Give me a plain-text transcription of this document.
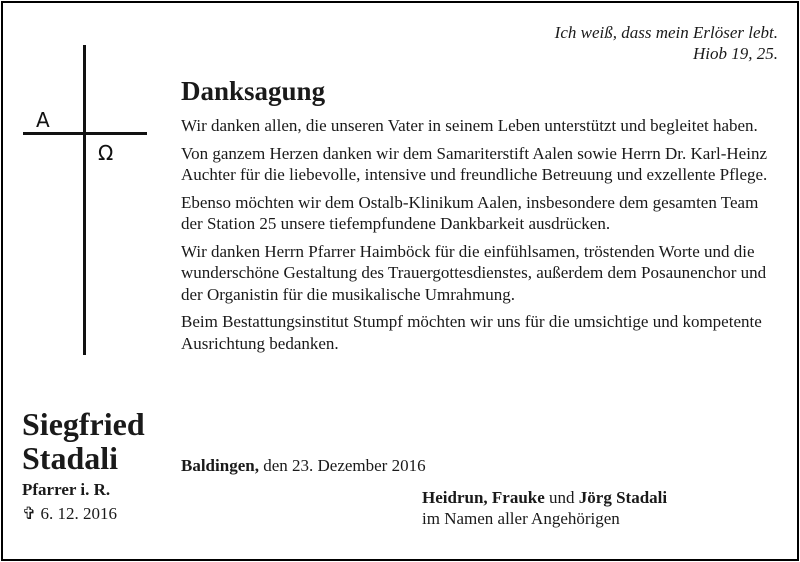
A
Ω
Ich weiß, dass mein Erlöser lebt.
Hiob 19, 25.
Danksagung

Wir danken allen, die unseren Vater in seinem Leben unterstützt und begleitet haben.

Von ganzem Herzen danken wir dem Samariterstift Aalen sowie Herrn Dr. Karl-Heinz Auchter für die liebevolle, intensive und freundliche Betreuung und exzellente Pflege.

Ebenso möchten wir dem Ostalb-Klinikum Aalen, insbesondere dem gesamten Team der Station 25 unsere tiefempfundene Dankbarkeit ausdrücken.

Wir danken Herrn Pfarrer Haimböck für die einfühlsamen, tröstenden Worte und die wunderschöne Gestaltung des Trauergottesdienstes, außerdem dem Posaunenchor und der Organistin für die musikalische Umrahmung.

Beim Bestattungsinstitut Stumpf möchten wir uns für die umsichtige und kompetente Ausrichtung bedanken.

Baldingen, den 23. Dezember 2016
Heidrun, Frauke und Jörg Stadali
im Namen aller Angehörigen
Siegfried
Stadali
Pfarrer i. R.
✞ 6. 12. 2016
